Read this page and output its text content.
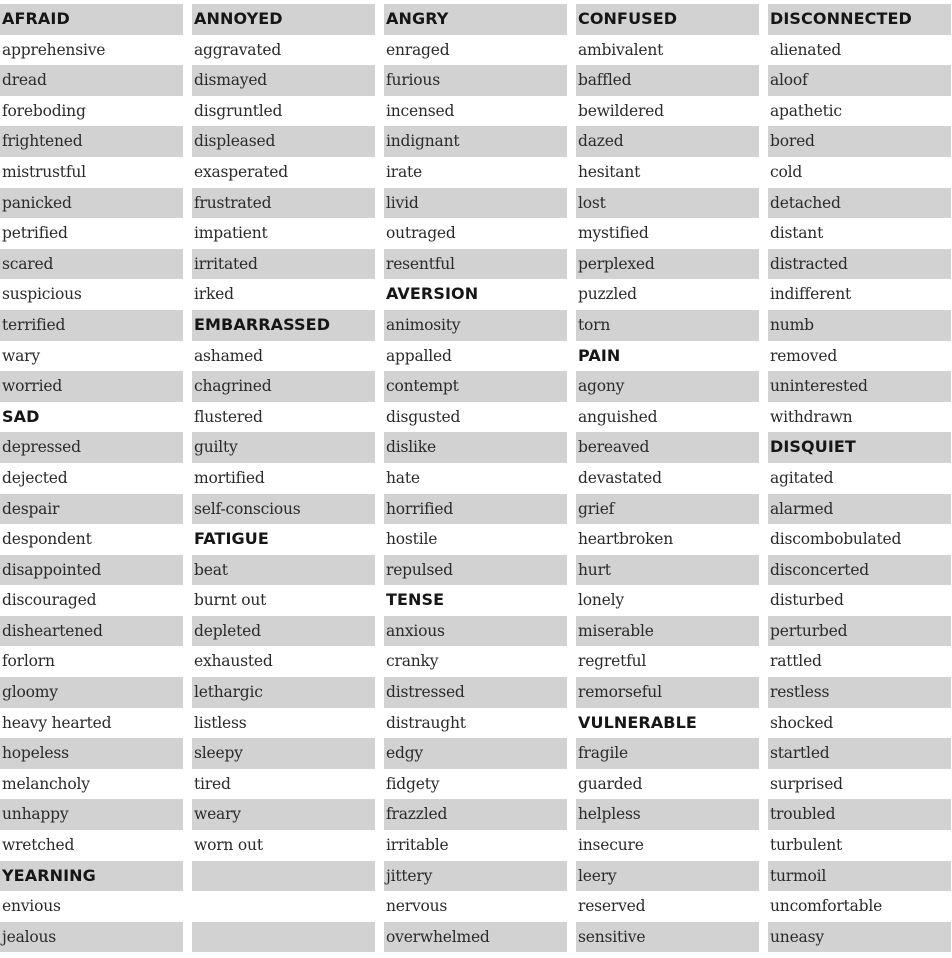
AFRAID
apprehensive
dread
foreboding
frightened
mistrustful
panicked
petrified
scared
suspicious
terrified
wary
worried
SAD
depressed
dejected
despair
despondent
disappointed
discouraged
disheartened
forlorn
gloomy
heavy hearted
hopeless
melancholy
unhappy
wretched
YEARNING
envious
jealous
ANNOYED
aggravated
dismayed
disgruntled
displeased
exasperated
frustrated
impatient
irritated
irked
EMBARRASSED
ashamed
chagrined
flustered
guilty
mortified
self-conscious
FATIGUE
beat
burnt out
depleted
exhausted
lethargic
listless
sleepy
tired
weary
worn out
ANGRY
enraged
furious
incensed
indignant
irate
livid
outraged
resentful
AVERSION
animosity
appalled
contempt
disgusted
dislike
hate
horrified
hostile
repulsed
TENSE
anxious
cranky
distressed
distraught
edgy
fidgety
frazzled
irritable
jittery
nervous
overwhelmed
CONFUSED
ambivalent
baffled
bewildered
dazed
hesitant
lost
mystified
perplexed
puzzled
torn
PAIN
agony
anguished
bereaved
devastated
grief
heartbroken
hurt
lonely
miserable
regretful
remorseful
VULNERABLE
fragile
guarded
helpless
insecure
leery
reserved
sensitive
DISCONNECTED
alienated
aloof
apathetic
bored
cold
detached
distant
distracted
indifferent
numb
removed
uninterested
withdrawn
DISQUIET
agitated
alarmed
discombobulated
disconcerted
disturbed
perturbed
rattled
restless
shocked
startled
surprised
troubled
turbulent
turmoil
uncomfortable
uneasy
